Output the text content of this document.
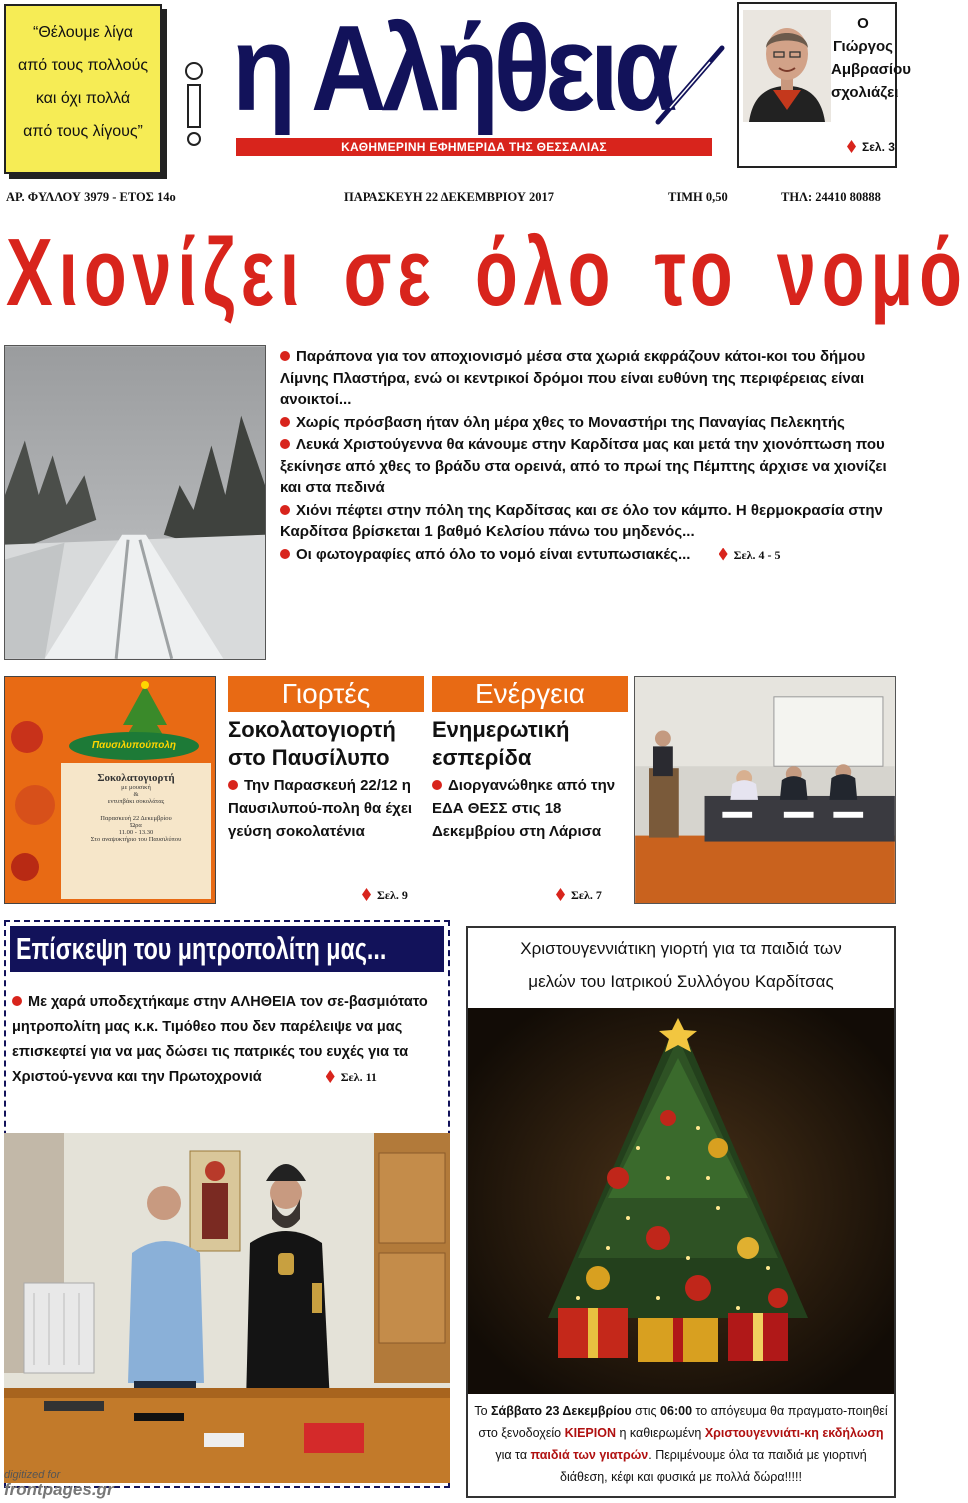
“Θέλουμε λίγα
από τους πολλούς
και όχι πολλά
από τους λίγους” η Αλήθεια
ΚΑΘΗΜΕΡΙΝΗ ΕΦΗΜΕΡΙΔΑ ΤΗΣ ΘΕΣΣΑΛΙΑΣ
Ο Γιώργος
Αμβρασίου
σχολιάζει
Σελ. 3
ΑΡ. ΦΥΛΛΟΥ 3979 - ΕΤΟΣ 14ο	ΠΑΡΑΣΚΕΥΗ 22 ΔΕΚΕΜΒΡΙΟΥ 2017	ΤΙΜΗ 0,50	ΤΗΛ: 24410 80888
Χιονίζει σε όλο το νομό

Παράπονα για τον αποχιονισμό μέσα στα χωριά εκφράζουν κάτοι-κοι του δήμου Λίμνης Πλαστήρα, ενώ οι κεντρικοί δρόμοι που είναι ευθύνη της περιφέρειας είναι ανοικτοί...

Χωρίς πρόσβαση ήταν όλη μέρα χθες το Μοναστήρι της Παναγίας Πελεκητής

Λευκά Χριστούγεννα θα κάνουμε στην Καρδίτσα μας και μετά την χιονόπτωση που ξεκίνησε από χθες το βράδυ στα ορεινά, από το πρωί της Πέμπτης άρχισε να χιονίζει και στα πεδινά

Χιόνι πέφτει στην πόλη της Καρδίτσας και σε όλο τον κάμπο. Η θερμοκρασία στην Καρδίτσα βρίσκεται 1 βαθμό Κελσίου πάνω του μηδενός...

Οι φωτογραφίες από όλο το νομό είναι εντυπωσιακές...	Σελ. 4 - 5

Παυσιλυπούπολη
Σοκολατογιορτή
με μουσική
&
εντυπβάκι σοκολάτας
Παρασκευή 22 Δεκεμβρίου
Ώρα
11.00 - 13.30
Στο αναψυκτήριο του Παυσιλύπου
Γιορτές
Σοκολατογιορτή στο Παυσίλυπο
Την Παρασκευή 22/12 η Παυσιλυπού-πολη θα έχει γεύση σοκολατένια
Σελ. 9
Ενέργεια
Ενημερωτική εσπερίδα
Διοργανώθηκε από την ΕΔΑ ΘΕΣΣ στις 18 Δεκεμβρίου στη Λάρισα
Σελ. 7
Επίσκεψη του μητροπολίτη μας...
Με χαρά υποδεχτήκαμε στην ΑΛΗΘΕΙΑ τον σε-βασμιότατο μητροπολίτη μας κ.κ. Τιμόθεο που δεν παρέλειψε να μας επισκεφτεί για να μας δώσει τις πατρικές του ευχές για τα Χριστού-γεννα και την Πρωτοχρονιά	Σελ. 11
Χριστουγεννιάτικη γιορτή για τα παιδιά των
μελών του Ιατρικού Συλλόγου Καρδίτσας
Το Σάββατο 23 Δεκεμβρίου στις 06:00 το απόγευμα θα πραγματο-ποιηθεί στο ξενοδοχείο ΚΙΕΡΙΟΝ η καθιερωμένη Χριστουγεννιάτι-κη εκδήλωση για τα παιδιά των γιατρών. Περιμένουμε όλα τα παιδιά με γιορτινή διάθεση, κέφι και φυσικά με πολλά δώρα!!!!!
digitized for
frontpages.gr
